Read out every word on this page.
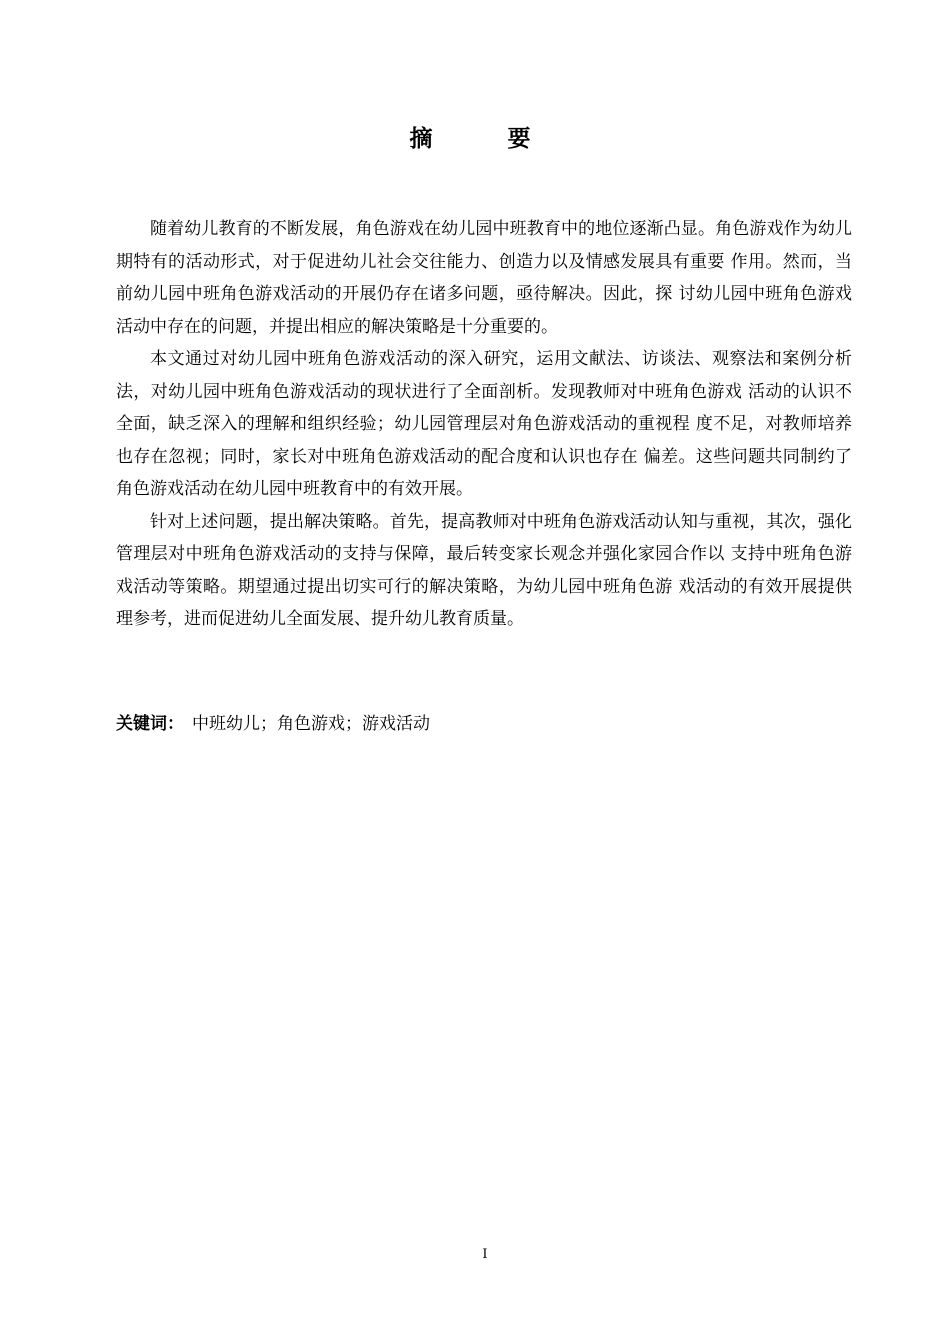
摘　要

随着幼儿教育的不断发展，角色游戏在幼儿园中班教育中的地位逐渐凸显。角色游戏作为幼儿期特有的活动形式，对于促进幼儿社会交往能力、创造力以及情感发展具有重要 作用。然而，当前幼儿园中班角色游戏活动的开展仍存在诸多问题，亟待解决。因此，探 讨幼儿园中班角色游戏活动中存在的问题，并提出相应的解决策略是十分重要的。

本文通过对幼儿园中班角色游戏活动的深入研究，运用文献法、访谈法、观察法和案例分析法，对幼儿园中班角色游戏活动的现状进行了全面剖析。发现教师对中班角色游戏 活动的认识不全面，缺乏深入的理解和组织经验；幼儿园管理层对角色游戏活动的重视程 度不足，对教师培养也存在忽视；同时，家长对中班角色游戏活动的配合度和认识也存在 偏差。这些问题共同制约了角色游戏活动在幼儿园中班教育中的有效开展。

针对上述问题，提出解决策略。首先，提高教师对中班角色游戏活动认知与重视，其次，强化管理层对中班角色游戏活动的支持与保障，最后转变家长观念并强化家园合作以 支持中班角色游戏活动等策略。期望通过提出切实可行的解决策略，为幼儿园中班角色游 戏活动的有效开展提供理参考，进而促进幼儿全面发展、提升幼儿教育质量。

关键词： 中班幼儿；角色游戏；游戏活动
I
